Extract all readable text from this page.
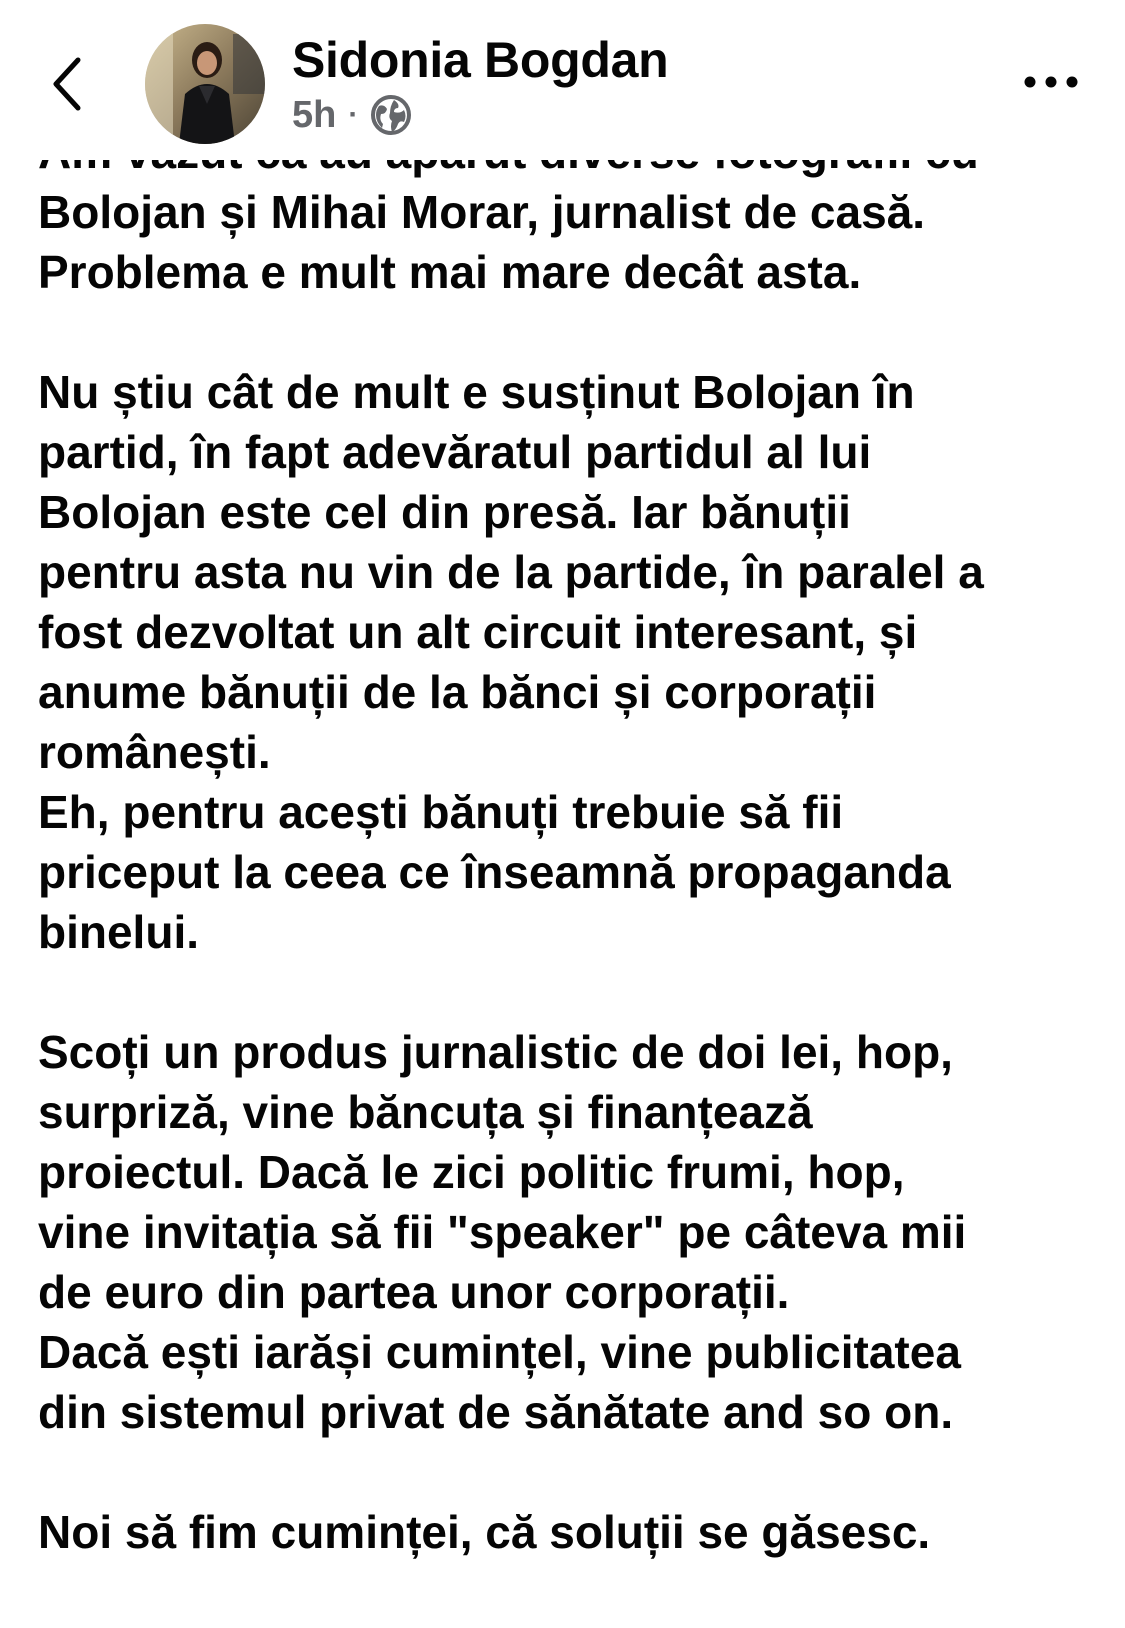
Sidonia Bogdan
5h ·
Bolojan și Mihai Morar, jurnalist de casă.
Problema e mult mai mare decât asta.
Nu știu cât de mult e susținut Bolojan în
partid, în fapt adevăratul partidul al lui
Bolojan este cel din presă. Iar bănuții
pentru asta nu vin de la partide, în paralel a
fost dezvoltat un alt circuit interesant, și
anume bănuții de la bănci și corporații
românești.
Eh, pentru acești bănuți trebuie să fii
priceput la ceea ce înseamnă propaganda
binelui.
Scoți un produs jurnalistic de doi lei, hop,
surpriză, vine băncuța și finanțează
proiectul. Dacă le zici politic frumi, hop,
vine invitația să fii "speaker" pe câteva mii
de euro din partea unor corporații.
Dacă ești iarăși cumințel, vine publicitatea
din sistemul privat de sănătate and so on.
Noi să fim cuminței, că soluții se găsesc.
